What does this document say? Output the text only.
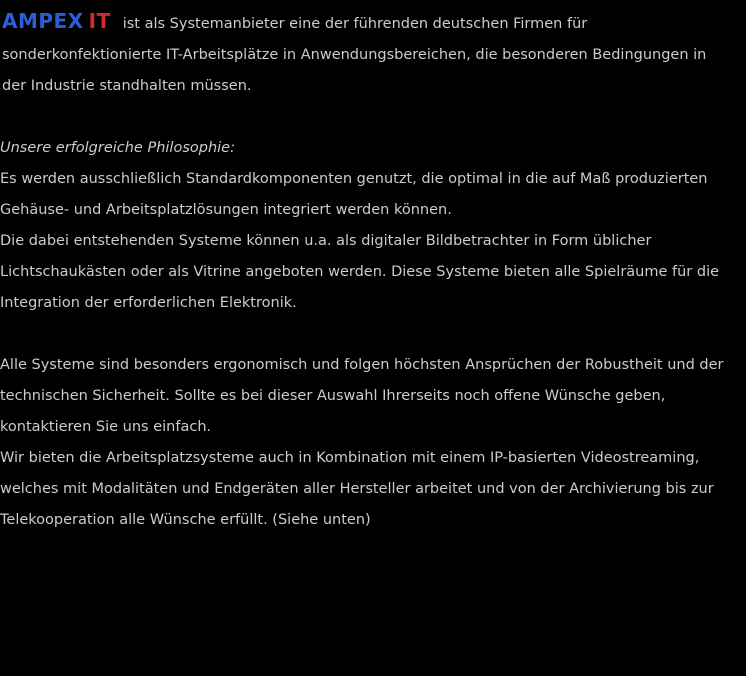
AMPEX IT ist als Systemanbieter eine der führenden deutschen Firmen für sonderkonfektionierte IT-Arbeitsplätze in Anwendungsbereichen, die besonderen Bedingungen in der Industrie standhalten müssen.

Unsere erfolgreiche Philosophie:

Es werden ausschließlich Standardkomponenten genutzt, die optimal in die auf Maß produzierten Gehäuse- und Arbeitsplatzlösungen integriert werden können.

Die dabei entstehenden Systeme können u.a. als digitaler Bildbetrachter in Form üblicher Lichtschaukästen oder als Vitrine angeboten werden. Diese Systeme bieten alle Spielräume für die Integration der erforderlichen Elektronik.

Alle Systeme sind besonders ergonomisch und folgen höchsten Ansprüchen der Robustheit und der technischen Sicherheit. Sollte es bei dieser Auswahl Ihrerseits noch offene Wünsche geben, kontaktieren Sie uns einfach.

Wir bieten die Arbeitsplatzsysteme auch in Kombination mit einem IP-basierten Videostreaming, welches mit Modalitäten und Endgeräten aller Hersteller arbeitet und von der Archivierung bis zur Telekooperation alle Wünsche erfüllt. (Siehe unten)
